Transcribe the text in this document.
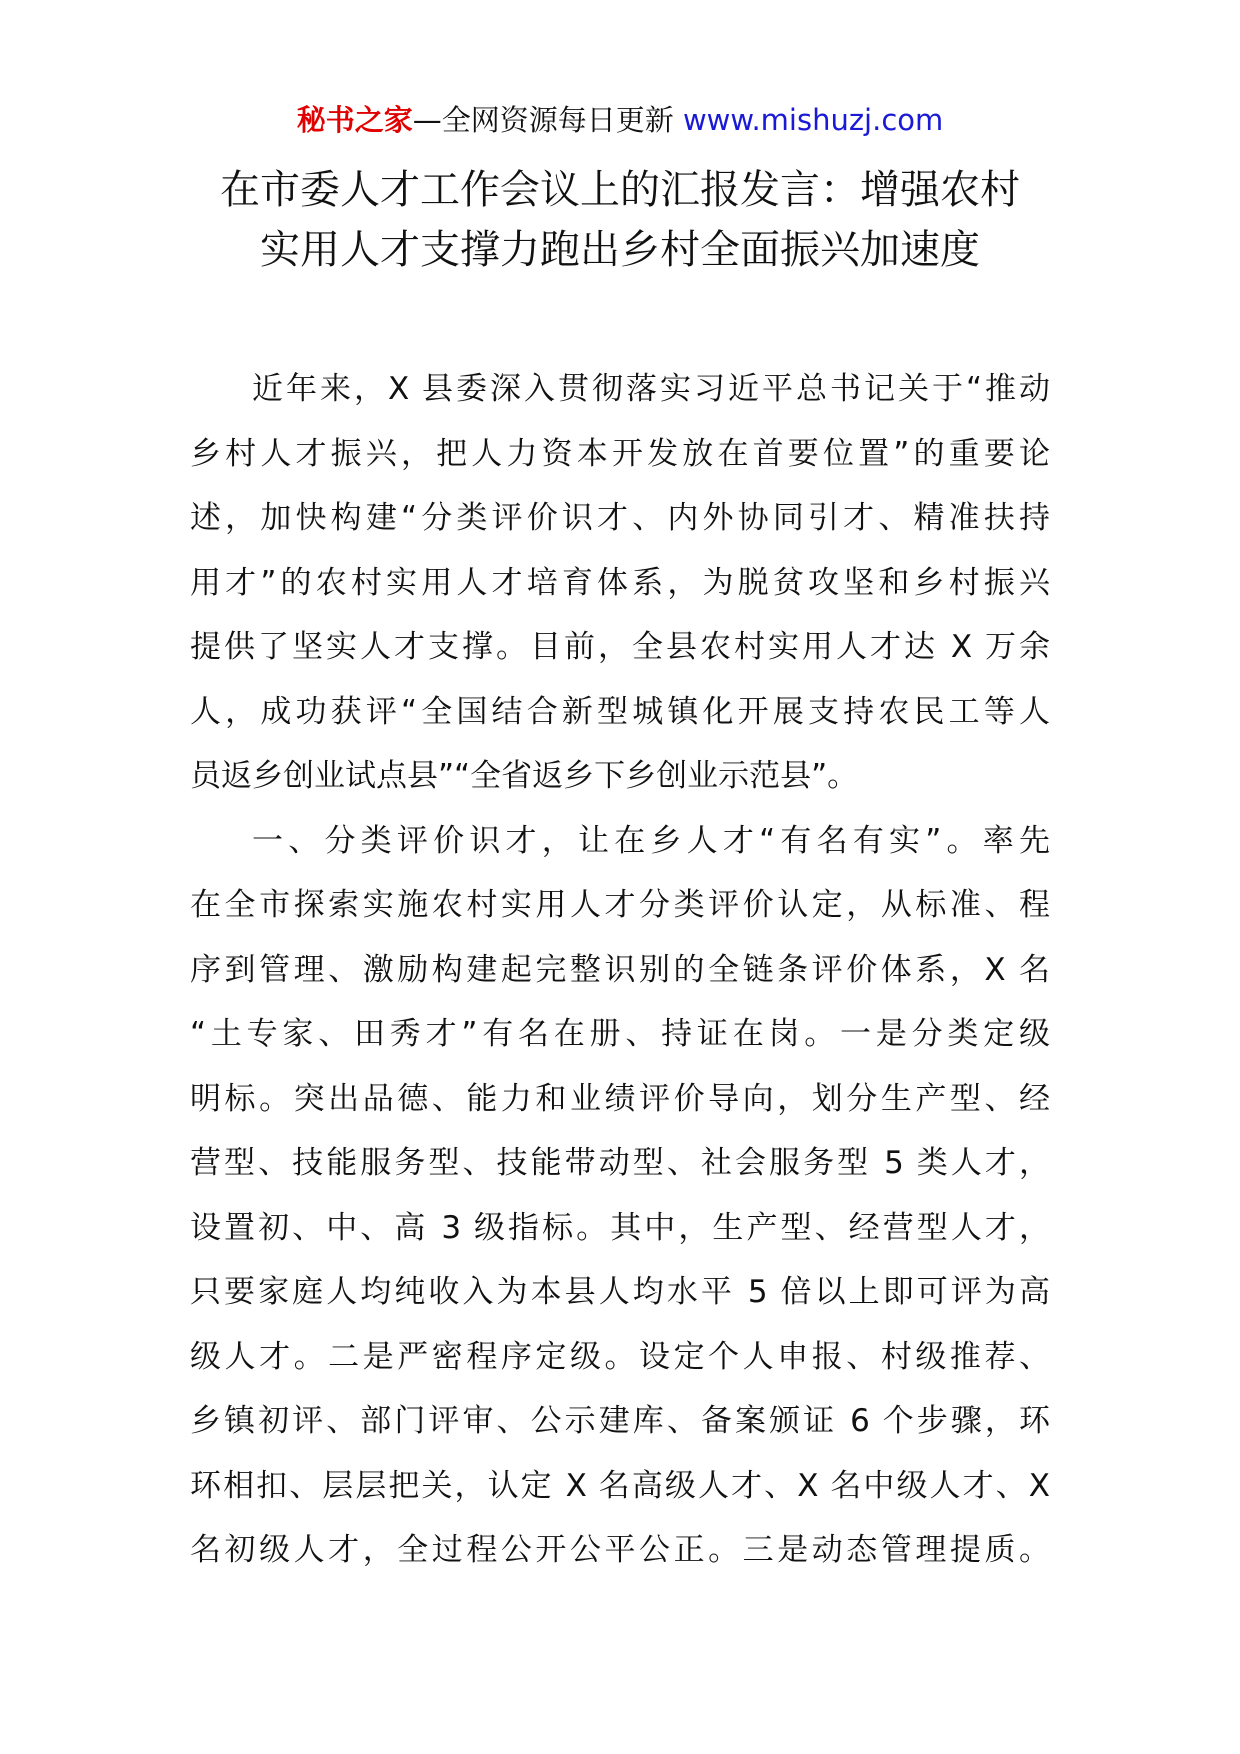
秘书之家—全网资源每日更新 www.mishuzj.com
在市委人才工作会议上的汇报发言：增强农村
实用人才支撑力跑出乡村全面振兴加速度
近年来，X 县委深入贯彻落实习近平总书记关于“推动
乡村人才振兴，把人力资本开发放在首要位置”的重要论
述，加快构建“分类评价识才、内外协同引才、精准扶持
用才”的农村实用人才培育体系，为脱贫攻坚和乡村振兴
提供了坚实人才支撑。目前，全县农村实用人才达 X 万余
人，成功获评“全国结合新型城镇化开展支持农民工等人
员返乡创业试点县”“全省返乡下乡创业示范县”。
一、分类评价识才，让在乡人才“有名有实”。率先
在全市探索实施农村实用人才分类评价认定，从标准、程
序到管理、激励构建起完整识别的全链条评价体系，X 名
“土专家、田秀才”有名在册、持证在岗。一是分类定级
明标。突出品德、能力和业绩评价导向，划分生产型、经
营型、技能服务型、技能带动型、社会服务型 5 类人才，
设置初、中、高 3 级指标。其中，生产型、经营型人才，
只要家庭人均纯收入为本县人均水平 5 倍以上即可评为高
级人才。二是严密程序定级。设定个人申报、村级推荐、
乡镇初评、部门评审、公示建库、备案颁证 6 个步骤，环
环相扣、层层把关，认定 X 名高级人才、X 名中级人才、X
名初级人才，全过程公开公平公正。三是动态管理提质。
